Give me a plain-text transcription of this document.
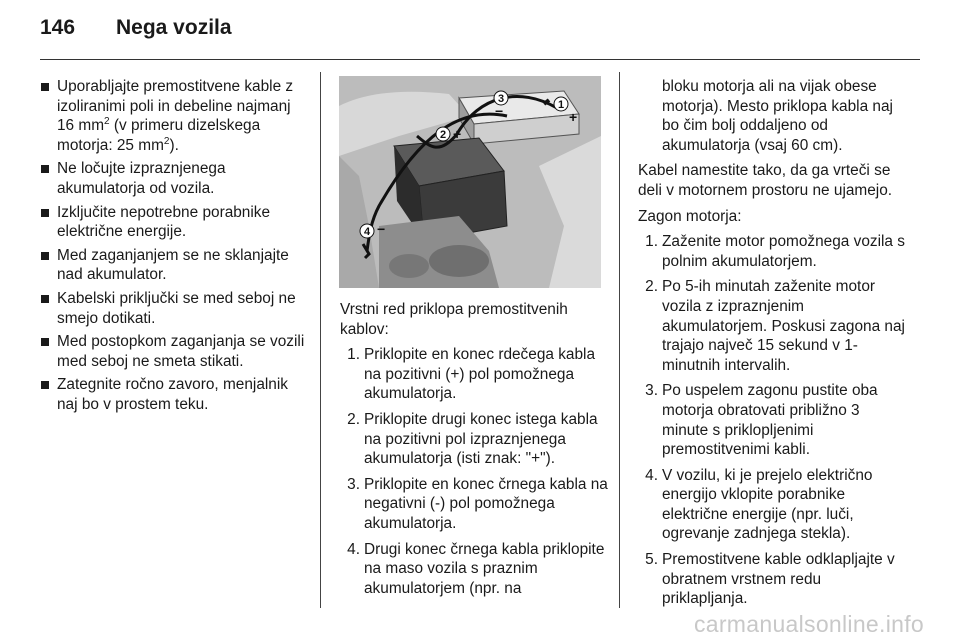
146	Nega vozila
Uporabljajte premostitvene kable z izoliranimi poli in debeline najmanj 16 $mm^2$ (v primeru dizelskega motorja: 25 $mm^2$).
Ne ločujte izpraznjenega akumulatorja od vozila.
Izključite nepotrebne porabnike električne energije.
Med zaganjanjem se ne sklanjajte nad akumulator.
Kabelski priključki se med seboj ne smejo dotikati.
Med postopkom zaganjanja se vozili med seboj ne smeta stikati.
Zategnite ročno zavoro, menjalnik naj bo v prostem teku.
1
+
3
−
2 +
4 −

Vrstni red priklopa premostitvenih kablov:

1. Priklopite en konec rdečega kabla na pozitivni (+) pol pomožnega akumulatorja.
2. Priklopite drugi konec istega kabla na pozitivni pol izpraznjenega akumulatorja (isti znak: "+").
3. Priklopite en konec črnega kabla na negativni (-) pol pomožnega akumulatorja.
4. Drugi konec črnega kabla priklopite na maso vozila s praznim akumulatorjem (npr. na
bloku motorja ali na vijak obese motorja). Mesto priklopa kabla naj bo čim bolj oddaljeno od akumulatorja (vsaj 60 cm).

Kabel namestite tako, da ga vrteči se deli v motornem prostoru ne ujamejo.

Zagon motorja:

1. Zaženite motor pomožnega vozila s polnim akumulatorjem.
2. Po 5-ih minutah zaženite motor vozila z izpraznjenim akumulatorjem. Poskusi zagona naj trajajo največ 15 sekund v 1-minutnih intervalih.
3. Po uspelem zagonu pustite oba motorja obratovati približno 3 minute s priklopljenimi premostitvenimi kabli.
4. V vozilu, ki je prejelo električno energijo vklopite porabnike električne energije (npr. luči, ogrevanje zadnjega stekla).
5. Premostitvene kable odklapljajte v obratnem vrstnem redu priklapljanja.
carmanualsonline.info
